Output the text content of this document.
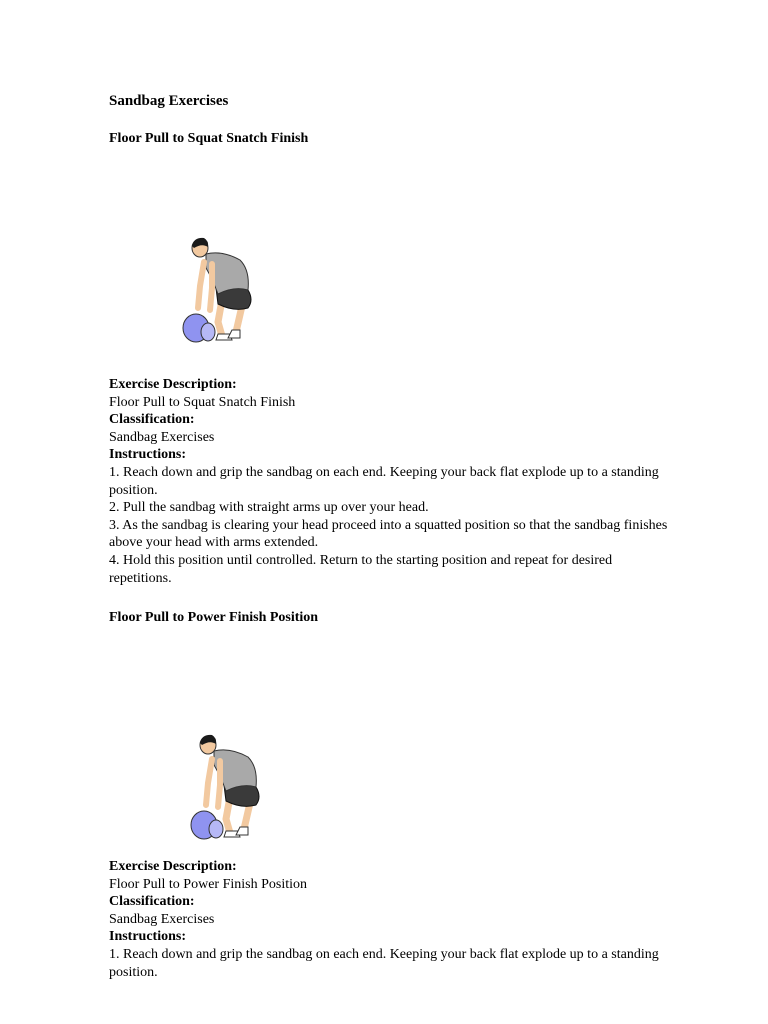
Sandbag Exercises
Floor Pull to Squat Snatch Finish
Exercise Description:
Floor Pull to Squat Snatch Finish
Classification:
Sandbag Exercises
Instructions:
1. Reach down and grip the sandbag on each end. Keeping your back flat explode up to a standing position.
2. Pull the sandbag with straight arms up over your head.
3. As the sandbag is clearing your head proceed into a squatted position so that the sandbag finishes above your head with arms extended.
4. Hold this position until controlled. Return to the starting position and repeat for desired repetitions.
Floor Pull to Power Finish Position
Exercise Description:
Floor Pull to Power Finish Position
Classification:
Sandbag Exercises
Instructions:
1. Reach down and grip the sandbag on each end. Keeping your back flat explode up to a standing position.
